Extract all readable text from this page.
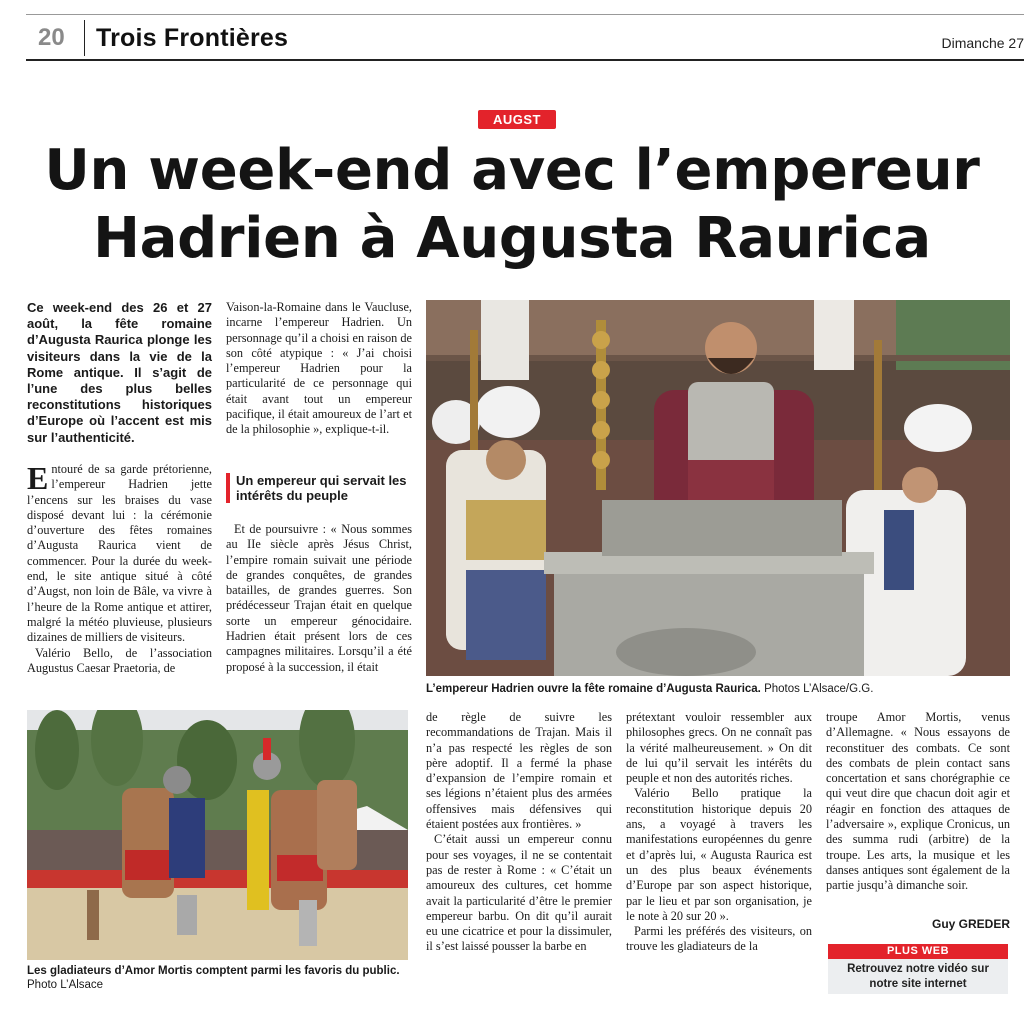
20 Trois Frontières	Dimanche 27
AUGST
Un week-end avec l’empereur Hadrien à Augusta Raurica
Ce week-end des 26 et 27 août, la fête romaine d’Augusta Raurica plonge les visiteurs dans la vie de la Rome antique. Il s’agit de l’une des plus belles reconstitutions historiques d’Europe où l’accent est mis sur l’authenticité.

Entouré de sa garde prétorienne, l’empereur Hadrien jette l’encens sur les braises du vase disposé devant lui : la cérémonie d’ouverture des fêtes romaines d’Augusta Raurica vient de commencer. Pour la durée du week-end, le site antique situé à côté d’Augst, non loin de Bâle, va vivre à l’heure de la Rome antique et attirer, malgré la météo pluvieuse, plusieurs dizaines de milliers de visiteurs.

Valério Bello, de l’association Augustus Caesar Praetoria, de

Vaison-la-Romaine dans le Vaucluse, incarne l’empereur Hadrien. Un personnage qu’il a choisi en raison de son côté atypique : « J’ai choisi l’empereur Hadrien pour la particularité de ce personnage qui était avant tout un empereur pacifique, il était amoureux de l’art et de la philosophie », explique-t-il.

Un empereur qui servait les intérêts du peuple

Et de poursuivre : « Nous sommes au IIe siècle après Jésus Christ, l’empire romain suivait une période de grandes conquêtes, de grandes batailles, de grandes guerres. Son prédécesseur Trajan était en quelque sorte un empereur génocidaire. Hadrien était présent lors de ces campagnes militaires. Lorsqu’il a été proposé à la succession, il était

L’empereur Hadrien ouvre la fête romaine d’Augusta Raurica. Photos L’Alsace/G.G.
Les gladiateurs d’Amor Mortis comptent parmi les favoris du public. Photo L’Alsace

de règle de suivre les recommandations de Trajan. Mais il n’a pas respecté les règles de son père adoptif. Il a fermé la phase d’expansion de l’empire romain et ses légions n’étaient plus des armées offensives mais défensives qui étaient postées aux frontières. »

C’était aussi un empereur connu pour ses voyages, il ne se contentait pas de rester à Rome : « C’était un amoureux des cultures, cet homme avait la particularité d’être le premier empereur barbu. On dit qu’il aurait eu une cicatrice et pour la dissimuler, il s’est laissé pousser la barbe en

prétextant vouloir ressembler aux philosophes grecs. On ne connaît pas la vérité malheureusement. » On dit de lui qu’il servait les intérêts du peuple et non des autorités riches.

Valério Bello pratique la reconstitution historique depuis 20 ans, a voyagé à travers les manifestations européennes du genre et d’après lui, « Augusta Raurica est un des plus beaux événements d’Europe par son aspect historique, par le lieu et par son organisation, je le note à 20 sur 20 ».

Parmi les préférés des visiteurs, on trouve les gladiateurs de la

troupe Amor Mortis, venus d’Allemagne. « Nous essayons de reconstituer des combats. Ce sont des combats de plein contact sans concertation et sans chorégraphie ce qui veut dire que chacun doit agir et réagir en fonction des attaques de l’adversaire », explique Cronicus, un des summa rudi (arbitre) de la troupe. Les arts, la musique et les danses antiques sont également de la partie jusqu’à dimanche soir.

Guy GREDER
PLUS WEB
Retrouvez notre vidéo sur notre site internet
